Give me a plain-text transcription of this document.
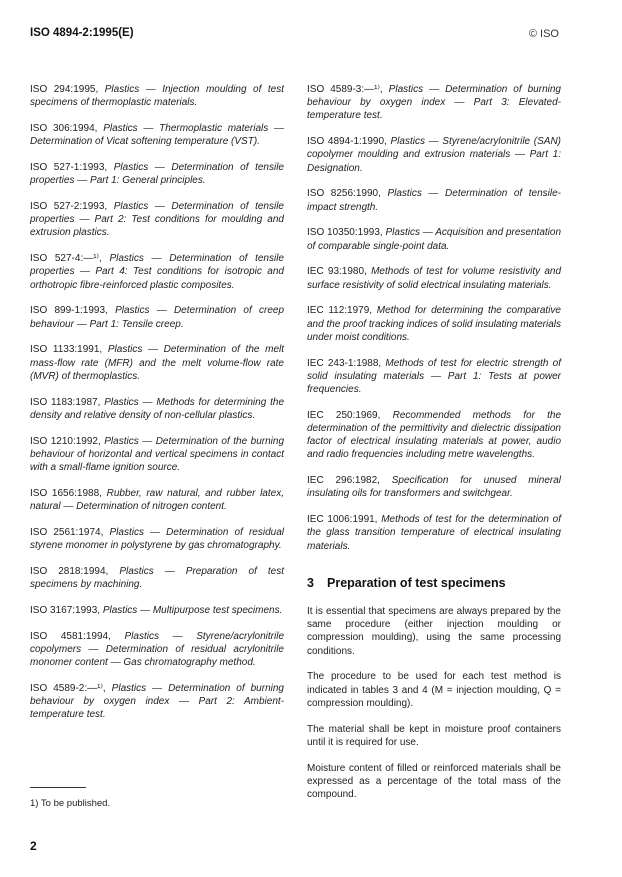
ISO 4894-2:1995(E)	© ISO

ISO 294:1995, Plastics — Injection moulding of test specimens of thermoplastic materials.

ISO 306:1994, Plastics — Thermoplastic materials — Determination of Vicat softening temperature (VST).

ISO 527-1:1993, Plastics — Determination of tensile properties — Part 1: General principles.

ISO 527-2:1993, Plastics — Determination of tensile properties — Part 2: Test conditions for moulding and extrusion plastics.

ISO 527-4:—¹⁾, Plastics — Determination of tensile properties — Part 4: Test conditions for isotropic and orthotropic fibre-reinforced plastic composites.

ISO 899-1:1993, Plastics — Determination of creep behaviour — Part 1: Tensile creep.

ISO 1133:1991, Plastics — Determination of the melt mass-flow rate (MFR) and the melt volume-flow rate (MVR) of thermoplastics.

ISO 1183:1987, Plastics — Methods for determining the density and relative density of non-cellular plastics.

ISO 1210:1992, Plastics — Determination of the burning behaviour of horizontal and vertical specimens in contact with a small-flame ignition source.

ISO 1656:1988, Rubber, raw natural, and rubber latex, natural — Determination of nitrogen content.

ISO 2561:1974, Plastics — Determination of residual styrene monomer in polystyrene by gas chromatography.

ISO 2818:1994, Plastics — Preparation of test specimens by machining.

ISO 3167:1993, Plastics — Multipurpose test specimens.

ISO 4581:1994, Plastics — Styrene/acrylonitrile copolymers — Determination of residual acrylonitrile monomer content — Gas chromatography method.

ISO 4589-2:—¹⁾, Plastics — Determination of burning behaviour by oxygen index — Part 2: Ambient-temperature test.

ISO 4589-3:—¹⁾, Plastics — Determination of burning behaviour by oxygen index — Part 3: Elevated-temperature test.

ISO 4894-1:1990, Plastics — Styrene/acrylonitrile (SAN) copolymer moulding and extrusion materials — Part 1: Designation.

ISO 8256:1990, Plastics — Determination of tensile-impact strength.

ISO 10350:1993, Plastics — Acquisition and presentation of comparable single-point data.

IEC 93:1980, Methods of test for volume resistivity and surface resistivity of solid electrical insulating materials.

IEC 112:1979, Method for determining the comparative and the proof tracking indices of solid insulating materials under moist conditions.

IEC 243-1:1988, Methods of test for electric strength of solid insulating materials — Part 1: Tests at power frequencies.

IEC 250:1969, Recommended methods for the determination of the permittivity and dielectric dissipation factor of electrical insulating materials at power, audio and radio frequencies including metre wavelengths.

IEC 296:1982, Specification for unused mineral insulating oils for transformers and switchgear.

IEC 1006:1991, Methods of test for the determination of the glass transition temperature of electrical insulating materials.

3 Preparation of test specimens

It is essential that specimens are always prepared by the same procedure (either injection moulding or compression moulding), using the same processing conditions.

The procedure to be used for each test method is indicated in tables 3 and 4 (M = injection moulding, Q = compression moulding).

The material shall be kept in moisture proof containers until it is required for use.

Moisture content of filled or reinforced materials shall be expressed as a percentage of the total mass of the compound.

1) To be published.
2
